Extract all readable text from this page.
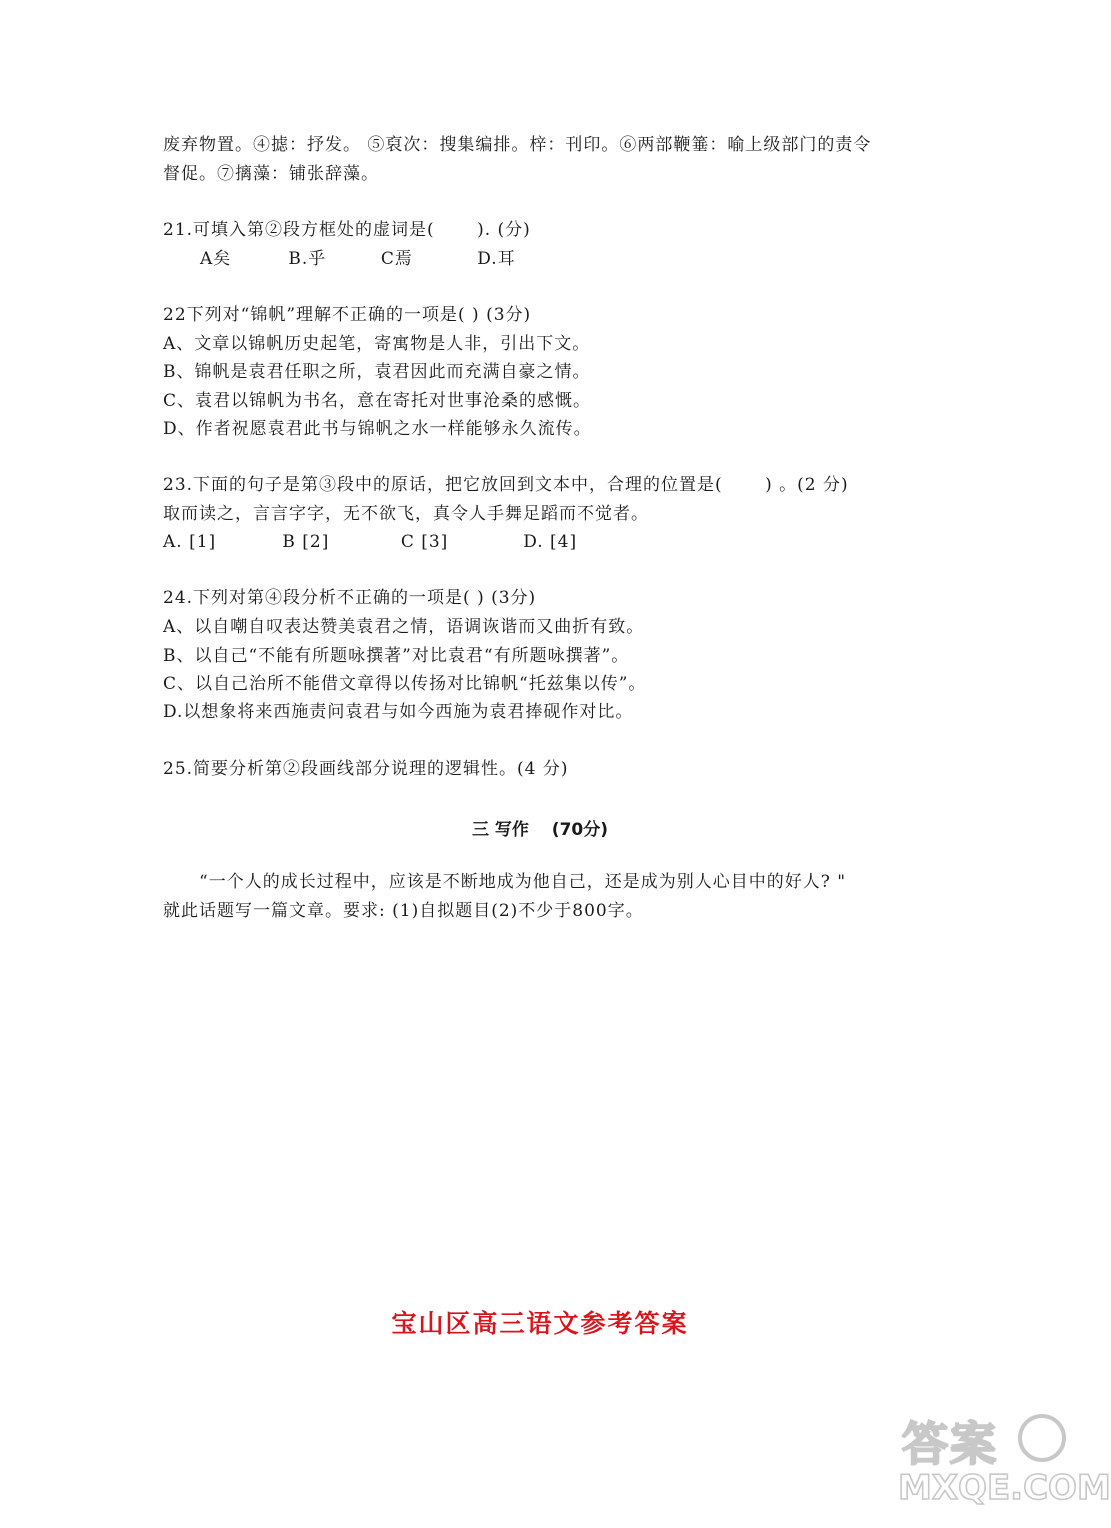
废弃物置。④摅：抒发。 ⑤裒次：搜集编排。梓：刊印。⑥两部鞭箠：喻上级部门的责令
督促。⑦摛藻：铺张辞藻。
21.可填入第②段方框处的虚词是(　　 ). (分)
A矣	B.乎	C焉	D.耳
22下列对“锦帆”理解不正确的一项是( ) (3分)
A、文章以锦帆历史起笔，寄寓物是人非，引出下文。
B、锦帆是袁君任职之所，袁君因此而充满自豪之情。
C、袁君以锦帆为书名，意在寄托对世事沧桑的感慨。
D、作者祝愿袁君此书与锦帆之水一样能够永久流传。
23.下面的句子是第③段中的原话，把它放回到文本中，合理的位置是(　　 ) 。(2 分)
取而读之，言言字字，无不欲飞，真令人手舞足蹈而不觉者。
A. [1]	B [2]	C [3]	D. [4]
24.下列对第④段分析不正确的一项是( ) (3分)
A、以自嘲自叹表达赞美袁君之情，语调诙谐而又曲折有致。
B、以自己“不能有所题咏撰著”对比袁君“有所题咏撰著”。
C、以自己治所不能借文章得以传扬对比锦帆“托兹集以传”。
D.以想象将来西施责问袁君与如今西施为袁君捧砚作对比。
25.简要分析第②段画线部分说理的逻辑性。(4 分)
三 写作　 (70分)
　　“一个人的成长过程中，应该是不断地成为他自己，还是成为别人心目中的好人? "
就此话题写一篇文章。要求: (1)自拟题目(2)不少于800字。
宝山区高三语文参考答案
答案
MXQE.COM
